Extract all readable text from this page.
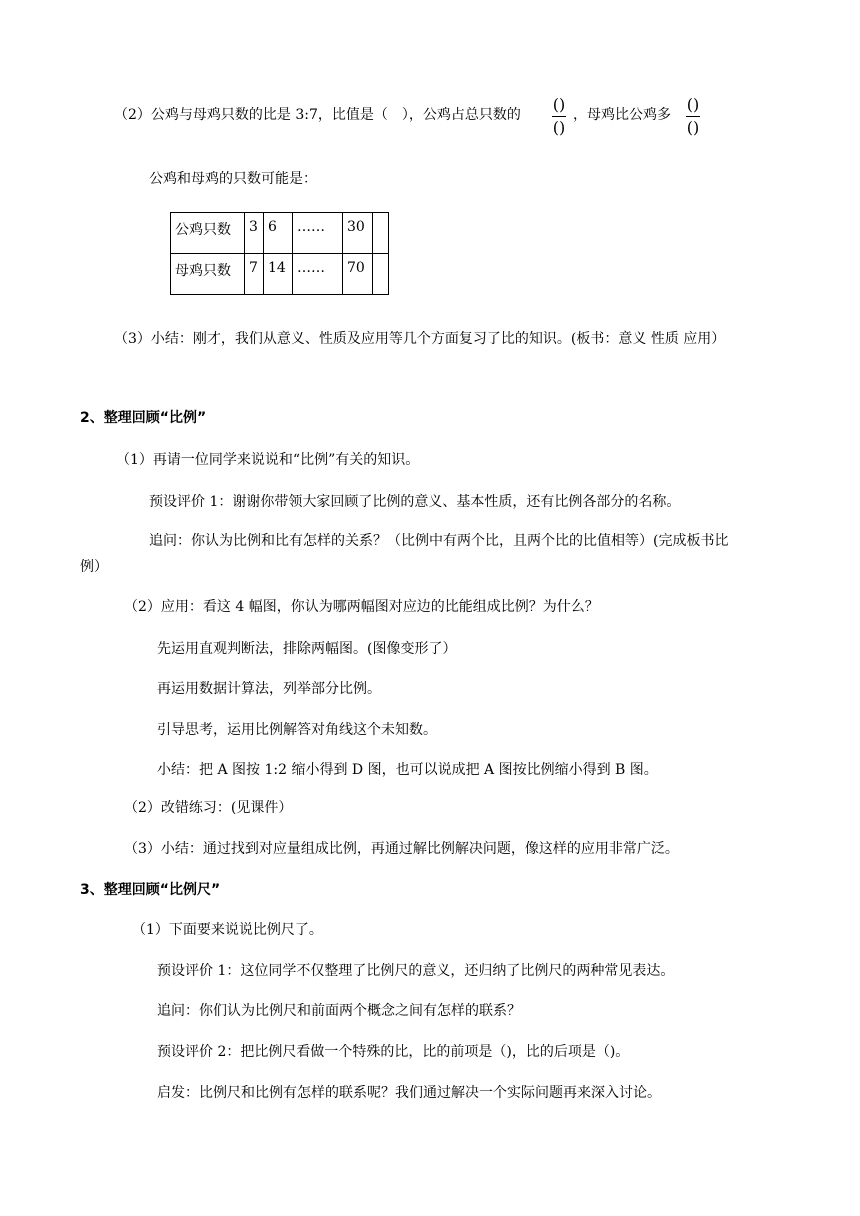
（2）公鸡与母鸡只数的比是 3:7，比值是（　），公鸡占总只数的
()
()
，母鸡比公鸡多
()
()
公鸡和母鸡的只数可能是：
公鸡只数	3	6	……	30	
母鸡只数	7	14	……	70	
（3）小结：刚才，我们从意义、性质及应用等几个方面复习了比的知识。(板书：意义 性质 应用）
2、整理回顾“比例”
（1）再请一位同学来说说和“比例”有关的知识。
预设评价 1：谢谢你带领大家回顾了比例的意义、基本性质，还有比例各部分的名称。
追问：你认为比例和比有怎样的关系？（比例中有两个比，且两个比的比值相等）(完成板书比
例）
（2）应用：看这 4 幅图，你认为哪两幅图对应边的比能组成比例？为什么？
先运用直观判断法，排除两幅图。(图像变形了）
再运用数据计算法，列举部分比例。
引导思考，运用比例解答对角线这个未知数。
小结：把 A 图按 1:2 缩小得到 D 图，也可以说成把 A 图按比例缩小得到 B 图。
（2）改错练习：(见课件）
（3）小结：通过找到对应量组成比例，再通过解比例解决问题，像这样的应用非常广泛。
3、整理回顾“比例尺”
（1）下面要来说说比例尺了。
预设评价 1：这位同学不仅整理了比例尺的意义，还归纳了比例尺的两种常见表达。
追问：你们认为比例尺和前面两个概念之间有怎样的联系？
预设评价 2：把比例尺看做一个特殊的比，比的前项是（)，比的后项是（)。
启发：比例尺和比例有怎样的联系呢？我们通过解决一个实际问题再来深入讨论。
